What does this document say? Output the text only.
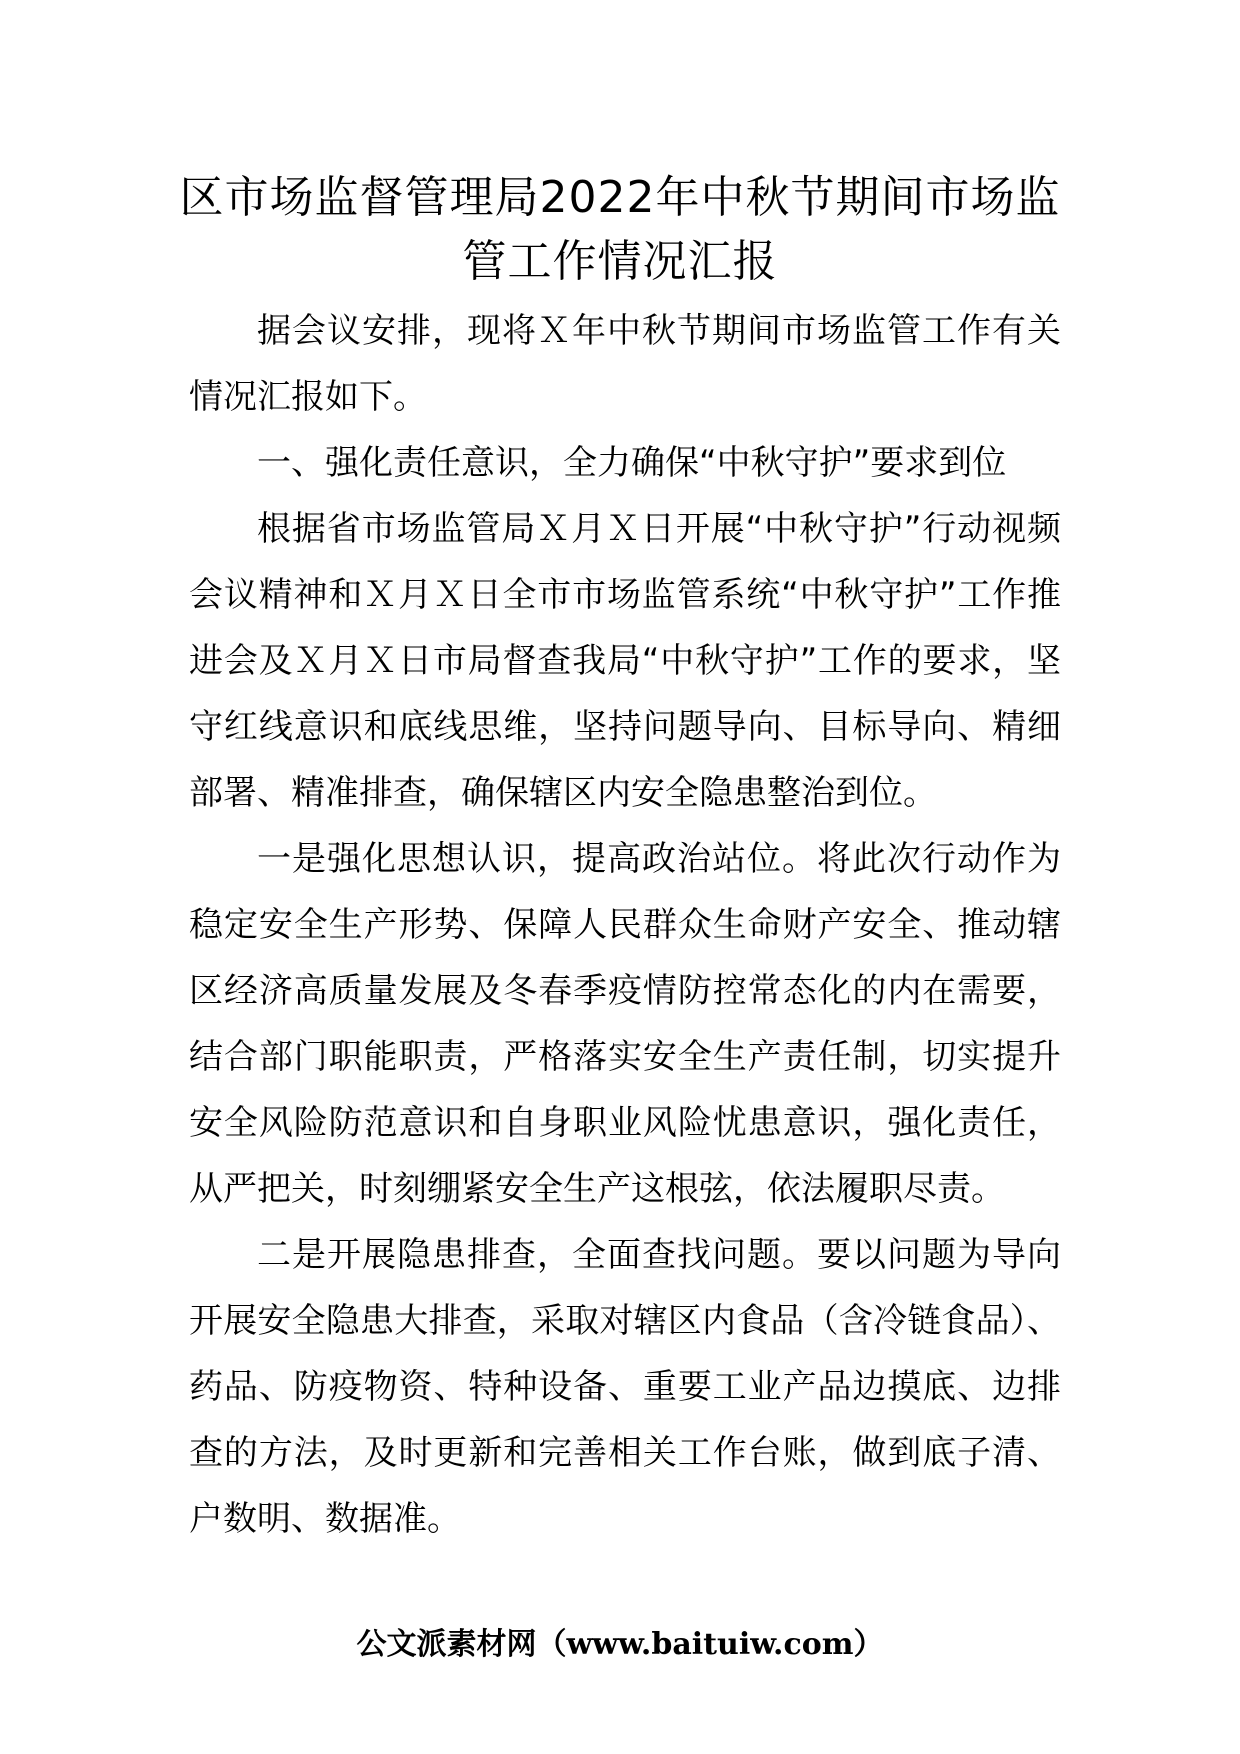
区市场监督管理局2022年中秋节期间市场监管工作情况汇报

据会议安排，现将Ｘ年中秋节期间市场监管工作有关情况汇报如下。

一、强化责任意识，全力确保“中秋守护”要求到位

根据省市场监管局Ｘ月Ｘ日开展“中秋守护”行动视频会议精神和Ｘ月Ｘ日全市市场监管系统“中秋守护”工作推进会及Ｘ月Ｘ日市局督查我局“中秋守护”工作的要求，坚守红线意识和底线思维，坚持问题导向、目标导向、精细部署、精准排查，确保辖区内安全隐患整治到位。

一是强化思想认识，提高政治站位。将此次行动作为稳定安全生产形势、保障人民群众生命财产安全、推动辖区经济高质量发展及冬春季疫情防控常态化的内在需要，结合部门职能职责，严格落实安全生产责任制，切实提升安全风险防范意识和自身职业风险忧患意识，强化责任，从严把关，时刻绷紧安全生产这根弦，依法履职尽责。

二是开展隐患排查，全面查找问题。要以问题为导向开展安全隐患大排查，采取对辖区内食品（含冷链食品）、药品、防疫物资、特种设备、重要工业产品边摸底、边排查的方法，及时更新和完善相关工作台账，做到底子清、户数明、数据准。

公文派素材网（www.baituiw.com）
